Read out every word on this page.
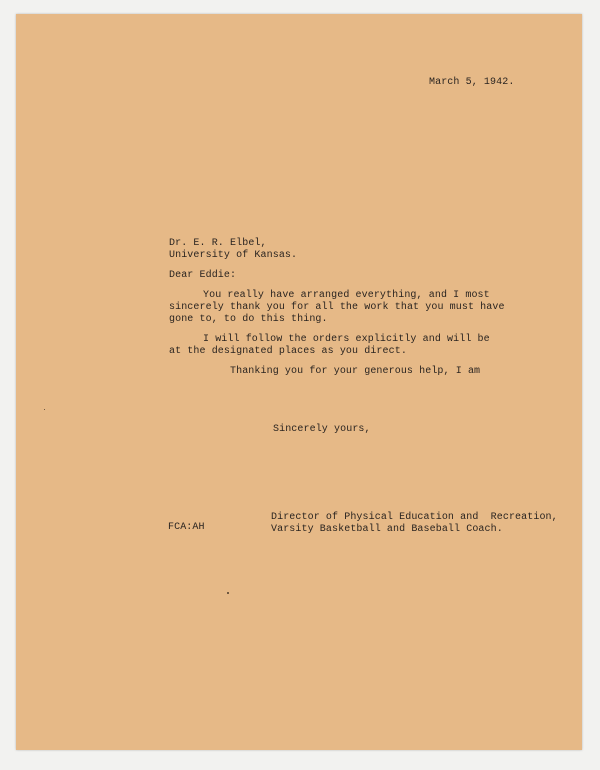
March 5, 1942.
Dr. E. R. Elbel,
University of Kansas.
Dear Eddie:
You really have arranged everything, and I most
sincerely thank you for all the work that you must have
gone to, to do this thing.
I will follow the orders explicitly and will be
at the designated places as you direct.
Thanking you for your generous help, I am
Sincerely yours,
Director of Physical Education and  Recreation,
Varsity Basketball and Baseball Coach.
FCA:AH
